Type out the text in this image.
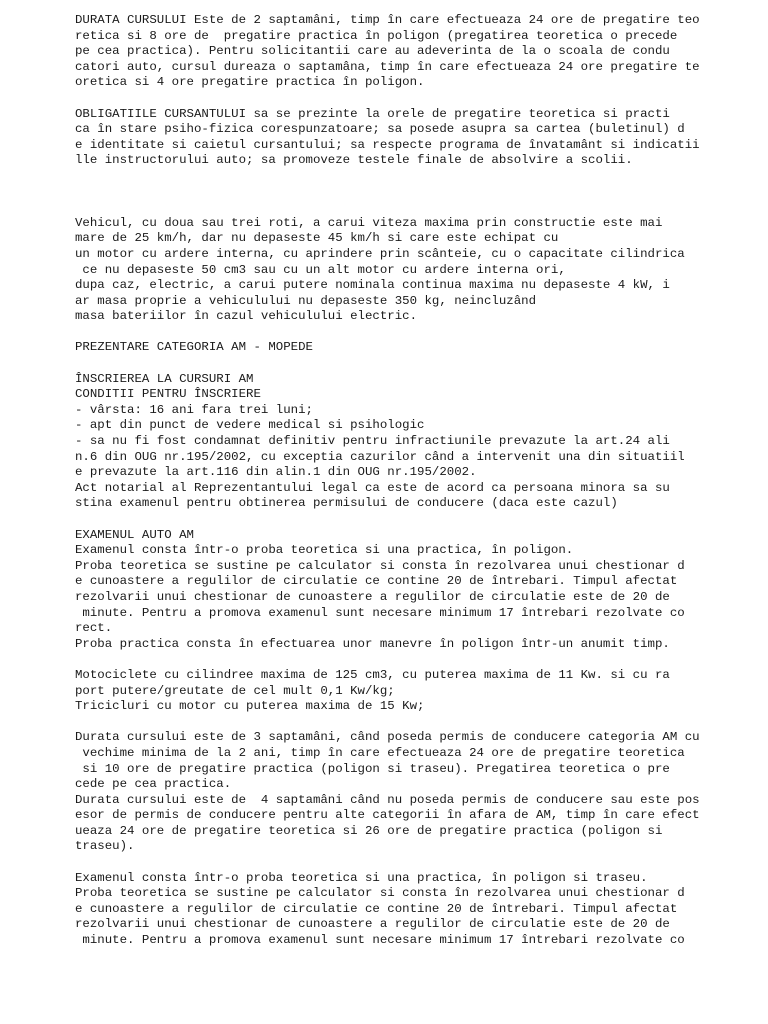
DURATA CURSULUI Este de 2 saptamâni, timp în care efectueaza 24 ore de pregatire teo
retica si 8 ore de  pregatire practica în poligon (pregatirea teoretica o precede
pe cea practica). Pentru solicitantii care au adeverinta de la o scoala de condu
catori auto, cursul dureaza o saptamâna, timp în care efectueaza 24 ore pregatire te
oretica si 4 ore pregatire practica în poligon.
OBLIGATIILE CURSANTULUI sa se prezinte la orele de pregatire teoretica si practi
ca în stare psiho-fizica corespunzatoare; sa posede asupra sa cartea (buletinul) d
e identitate si caietul cursantului; sa respecte programa de învatamânt si indicatii
lle instructorului auto; sa promoveze testele finale de absolvire a scolii.
Vehicul, cu doua sau trei roti, a carui viteza maxima prin constructie este mai
mare de 25 km/h, dar nu depaseste 45 km/h si care este echipat cu
un motor cu ardere interna, cu aprindere prin scânteie, cu o capacitate cilindrica
ce nu depaseste 50 cm3 sau cu un alt motor cu ardere interna ori,
dupa caz, electric, a carui putere nominala continua maxima nu depaseste 4 kW, i
ar masa proprie a vehiculului nu depaseste 350 kg, neincluzând
masa bateriilor în cazul vehiculului electric.
PREZENTARE CATEGORIA AM - MOPEDE
ÎNSCRIEREA LA CURSURI AM
CONDITII PENTRU ÎNSCRIERE
- vârsta: 16 ani fara trei luni;
- apt din punct de vedere medical si psihologic
- sa nu fi fost condamnat definitiv pentru infractiunile prevazute la art.24 ali
n.6 din OUG nr.195/2002, cu exceptia cazurilor când a intervenit una din situatiil
e prevazute la art.116 din alin.1 din OUG nr.195/2002.
Act notarial al Reprezentantului legal ca este de acord ca persoana minora sa su
stina examenul pentru obtinerea permisului de conducere (daca este cazul)
EXAMENUL AUTO AM
Examenul consta într-o proba teoretica si una practica, în poligon.
Proba teoretica se sustine pe calculator si consta în rezolvarea unui chestionar d
e cunoastere a regulilor de circulatie ce contine 20 de întrebari. Timpul afectat
rezolvarii unui chestionar de cunoastere a regulilor de circulatie este de 20 de
minute. Pentru a promova examenul sunt necesare minimum 17 întrebari rezolvate co
rect.
Proba practica consta în efectuarea unor manevre în poligon într-un anumit timp.
Motociclete cu cilindree maxima de 125 cm3, cu puterea maxima de 11 Kw. si cu ra
port putere/greutate de cel mult 0,1 Kw/kg;
Tricicluri cu motor cu puterea maxima de 15 Kw;
Durata cursului este de 3 saptamâni, când poseda permis de conducere categoria AM cu
vechime minima de la 2 ani, timp în care efectueaza 24 ore de pregatire teoretica
si 10 ore de pregatire practica (poligon si traseu). Pregatirea teoretica o pre
cede pe cea practica.
Durata cursului este de  4 saptamâni când nu poseda permis de conducere sau este pos
esor de permis de conducere pentru alte categorii în afara de AM, timp în care efect
ueaza 24 ore de pregatire teoretica si 26 ore de pregatire practica (poligon si
traseu).
Examenul consta într-o proba teoretica si una practica, în poligon si traseu.
Proba teoretica se sustine pe calculator si consta în rezolvarea unui chestionar d
e cunoastere a regulilor de circulatie ce contine 20 de întrebari. Timpul afectat
rezolvarii unui chestionar de cunoastere a regulilor de circulatie este de 20 de
minute. Pentru a promova examenul sunt necesare minimum 17 întrebari rezolvate co
